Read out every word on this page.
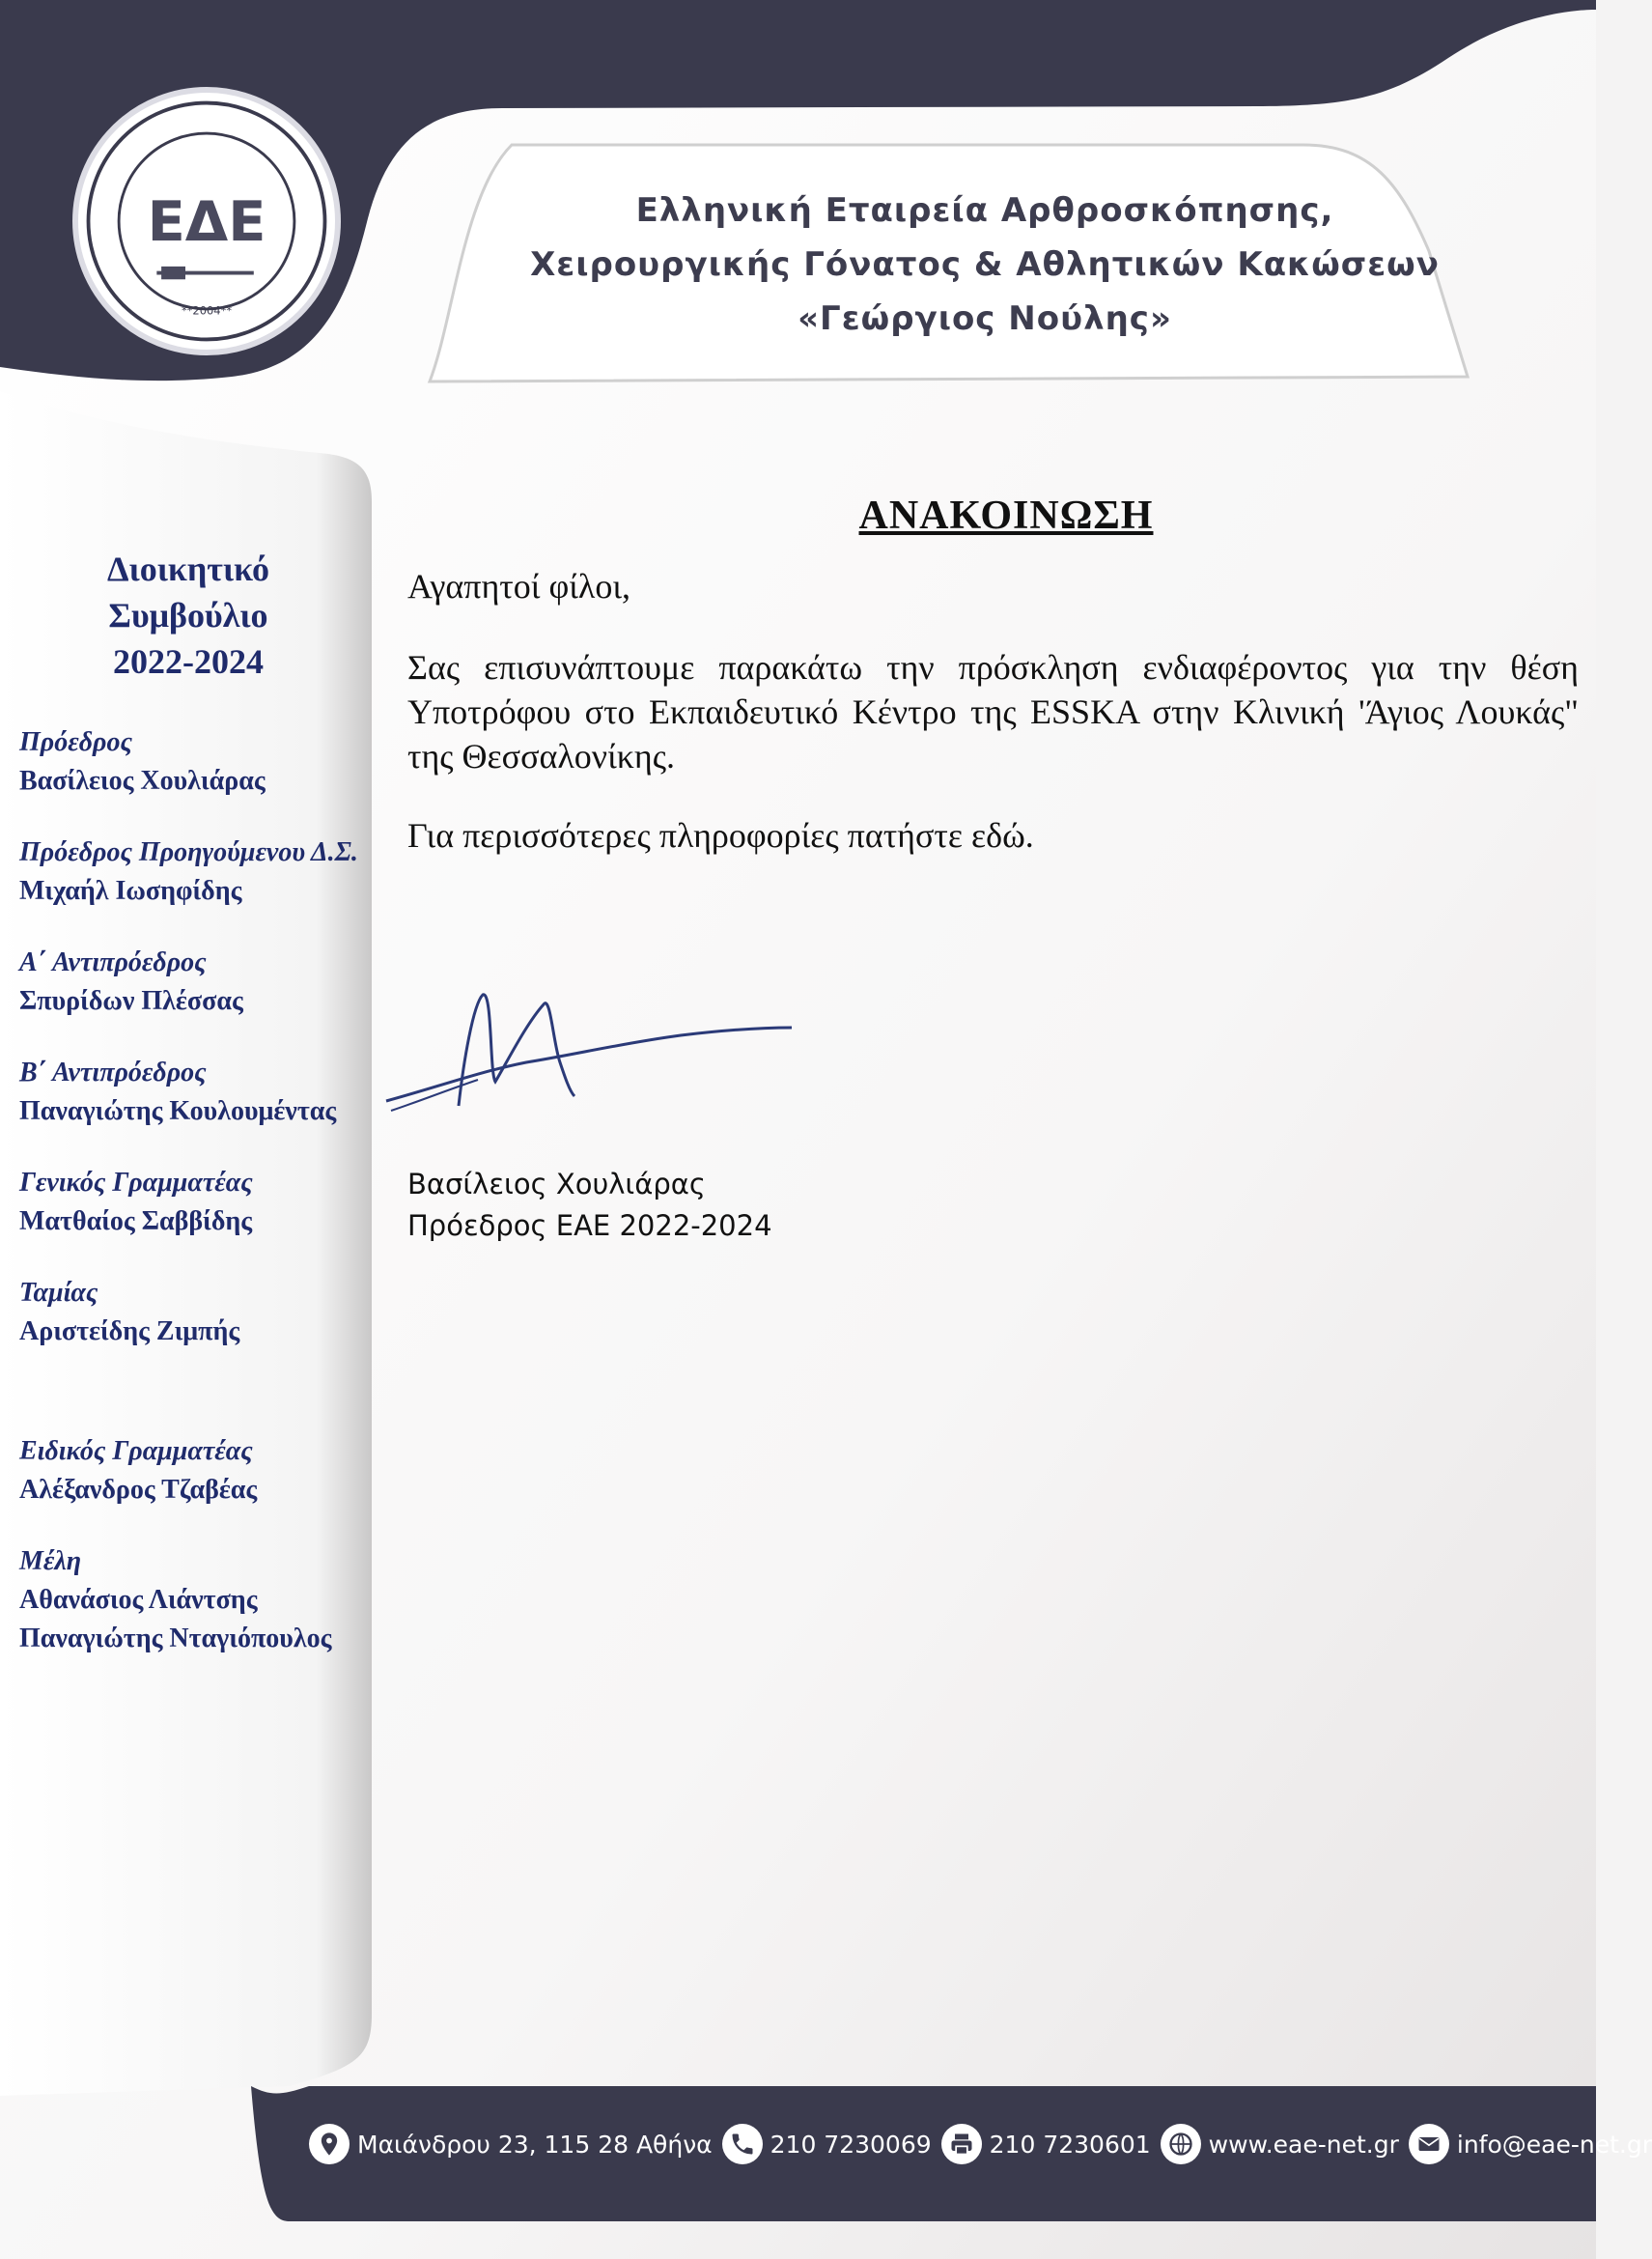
ΕΔΕ
**2004**
Ελληνική Εταιρεία Αρθροσκόπησης,
Χειρουργικής Γόνατος & Αθλητικών Κακώσεων
«Γεώργιος Νούλης»
Διοικητικό
Συμβούλιο
2022-2024
Πρόεδρος
Βασίλειος Χουλιάρας
Πρόεδρος Προηγούμενου Δ.Σ.
Μιχαήλ Ιωσηφίδης
Α΄ Αντιπρόεδρος
Σπυρίδων Πλέσσας
Β΄ Αντιπρόεδρος
Παναγιώτης Κουλουμέντας
Γενικός Γραμματέας
Ματθαίος Σαββίδης
Ταμίας
Αριστείδης Ζιμπής
Ειδικός Γραμματέας
Αλέξανδρος Τζαβέας
Μέλη
Αθανάσιος Λιάντσης
Παναγιώτης Νταγιόπουλος
ΑΝΑΚΟΙΝΩΣΗ
Αγαπητοί φίλοι,
Σας επισυνάπτουμε παρακάτω την πρόσκληση ενδιαφέροντος για την θέση Υποτρόφου στο Εκπαιδευτικό Κέντρο της ESSKA στην Κλινική 'Άγιος Λουκάς" της Θεσσαλονίκης.
Για περισσότερες πληροφορίες πατήστε εδώ.
Βασίλειος Χουλιάρας
Πρόεδρος ΕΑΕ 2022-2024
Μαιάνδρου 23, 115 28 Αθήνα 210 7230069 210 7230601 www.eae-net.gr info@eae-net.gr
